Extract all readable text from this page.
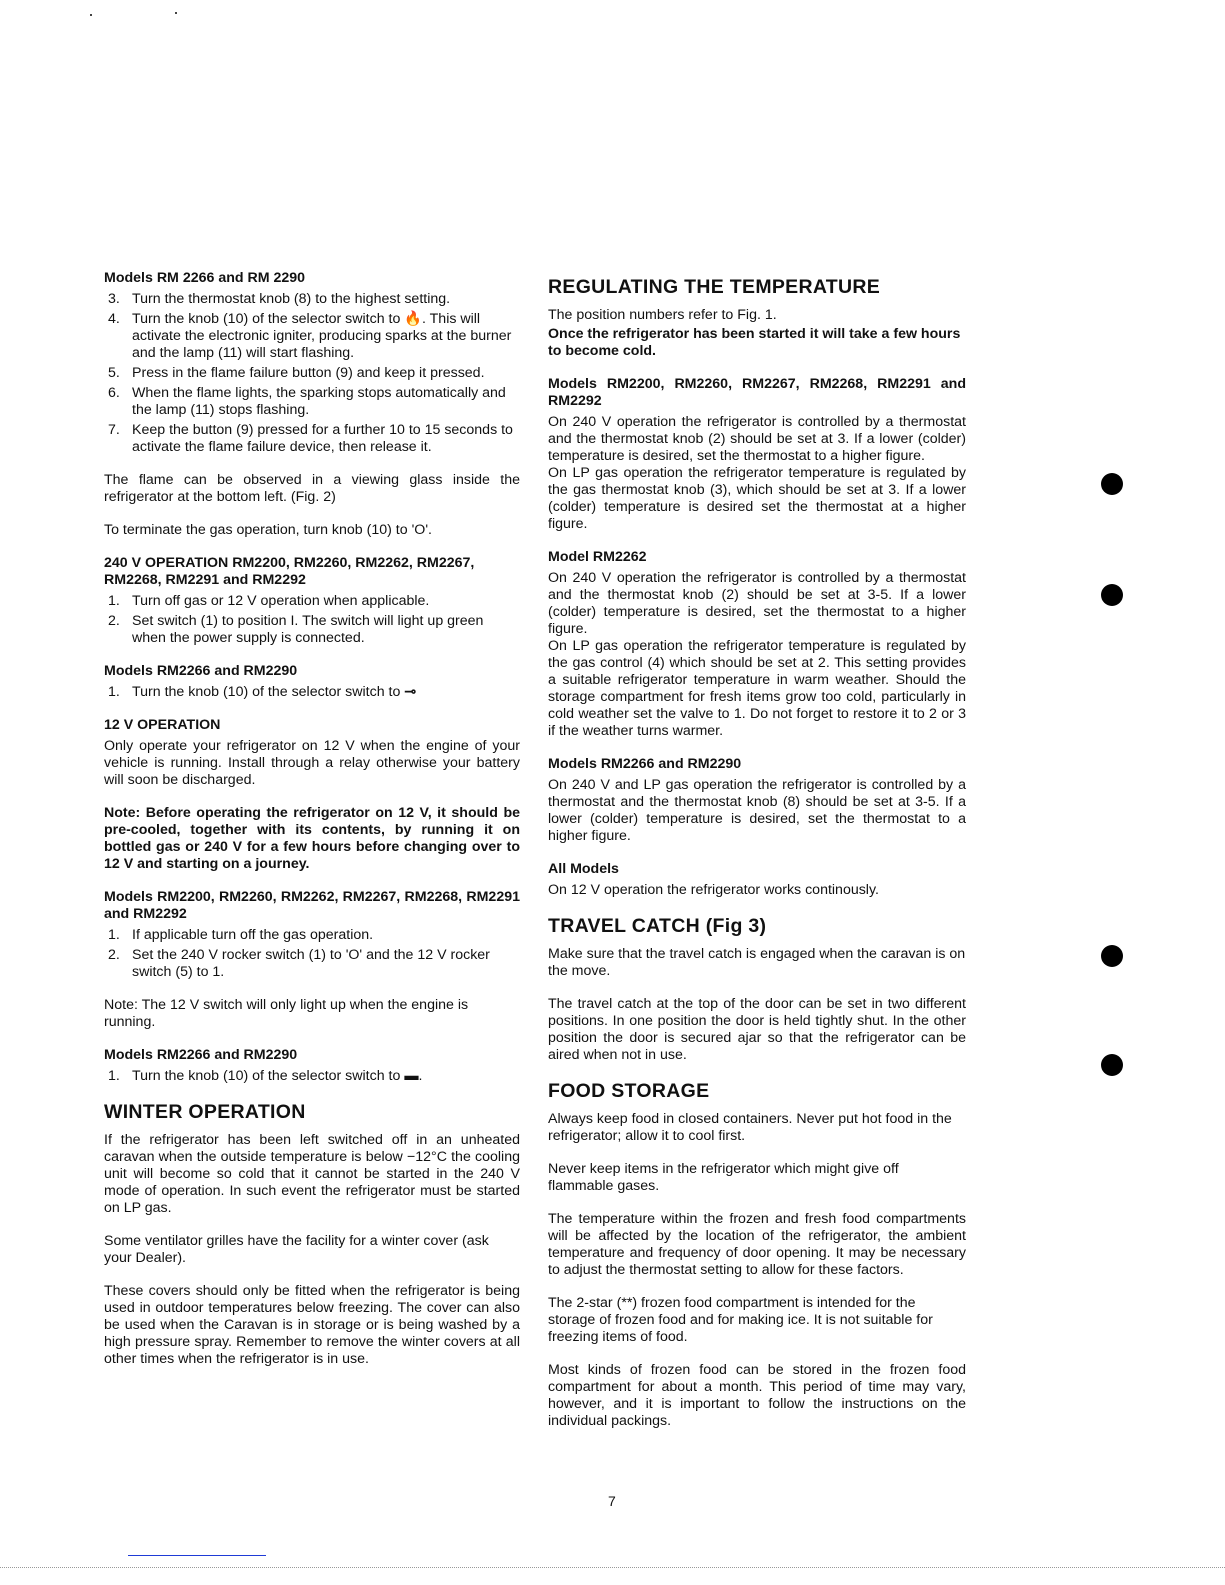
Models RM 2266 and RM 2290
3. Turn the thermostat knob (8) to the highest setting.
4. Turn the knob (10) of the selector switch to 🔥. This will activate the electronic igniter, producing sparks at the burner and the lamp (11) will start flashing.
5. Press in the flame failure button (9) and keep it pressed.
6. When the flame lights, the sparking stops automatically and the lamp (11) stops flashing.
7. Keep the button (9) pressed for a further 10 to 15 seconds to activate the flame failure device, then release it.

The flame can be observed in a viewing glass inside the refrigerator at the bottom left. (Fig. 2)

To terminate the gas operation, turn knob (10) to 'O'.

240 V OPERATION RM2200, RM2260, RM2262, RM2267, RM2268, RM2291 and RM2292
1. Turn off gas or 12 V operation when applicable.
2. Set switch (1) to position I. The switch will light up green when the power supply is connected.
Models RM2266 and RM2290
1. Turn the knob (10) of the selector switch to ⊸
12 V OPERATION

Only operate your refrigerator on 12 V when the engine of your vehicle is running. Install through a relay otherwise your battery will soon be discharged.

Note: Before operating the refrigerator on 12 V, it should be pre-cooled, together with its contents, by running it on bottled gas or 240 V for a few hours before changing over to 12 V and starting on a journey.

Models RM2200, RM2260, RM2262, RM2267, RM2268, RM2291 and RM2292
1. If applicable turn off the gas operation.
2. Set the 240 V rocker switch (1) to 'O' and the 12 V rocker switch (5) to 1.

Note: The 12 V switch will only light up when the engine is running.

Models RM2266 and RM2290
1. Turn the knob (10) of the selector switch to ▬.
WINTER OPERATION

If the refrigerator has been left switched off in an unheated caravan when the outside temperature is below −12°C the cooling unit will become so cold that it cannot be started in the 240 V mode of operation. In such event the refrigerator must be started on LP gas.

Some ventilator grilles have the facility for a winter cover (ask your Dealer).

These covers should only be fitted when the refrigerator is being used in outdoor temperatures below freezing. The cover can also be used when the Caravan is in storage or is being washed by a high pressure spray. Remember to remove the winter covers at all other times when the refrigerator is in use.

REGULATING THE TEMPERATURE

The position numbers refer to Fig. 1.

Once the refrigerator has been started it will take a few hours to become cold.

Models RM2200, RM2260, RM2267, RM2268, RM2291 and RM2292

On 240 V operation the refrigerator is controlled by a thermostat and the thermostat knob (2) should be set at 3. If a lower (colder) temperature is desired, set the thermostat to a higher figure.

On LP gas operation the refrigerator temperature is regulated by the gas thermostat knob (3), which should be set at 3. If a lower (colder) temperature is desired set the thermostat at a higher figure.

Model RM2262

On 240 V operation the refrigerator is controlled by a thermostat and the thermostat knob (2) should be set at 3-5. If a lower (colder) temperature is desired, set the thermostat to a higher figure.

On LP gas operation the refrigerator temperature is regulated by the gas control (4) which should be set at 2. This setting provides a suitable refrigerator temperature in warm weather. Should the storage compartment for fresh items grow too cold, particularly in cold weather set the valve to 1. Do not forget to restore it to 2 or 3 if the weather turns warmer.

Models RM2266 and RM2290

On 240 V and LP gas operation the refrigerator is controlled by a thermostat and the thermostat knob (8) should be set at 3-5. If a lower (colder) temperature is desired, set the thermostat to a higher figure.

All Models

On 12 V operation the refrigerator works continously.

TRAVEL CATCH (Fig 3)

Make sure that the travel catch is engaged when the caravan is on the move.

The travel catch at the top of the door can be set in two different positions. In one position the door is held tightly shut. In the other position the door is secured ajar so that the refrigerator can be aired when not in use.

FOOD STORAGE

Always keep food in closed containers. Never put hot food in the refrigerator; allow it to cool first.

Never keep items in the refrigerator which might give off flammable gases.

The temperature within the frozen and fresh food compartments will be affected by the location of the refrigerator, the ambient temperature and frequency of door opening. It may be necessary to adjust the thermostat setting to allow for these factors.

The 2-star (**) frozen food compartment is intended for the storage of frozen food and for making ice. It is not suitable for freezing items of food.

Most kinds of frozen food can be stored in the frozen food compartment for about a month. This period of time may vary, however, and it is important to follow the instructions on the individual packings.

7
